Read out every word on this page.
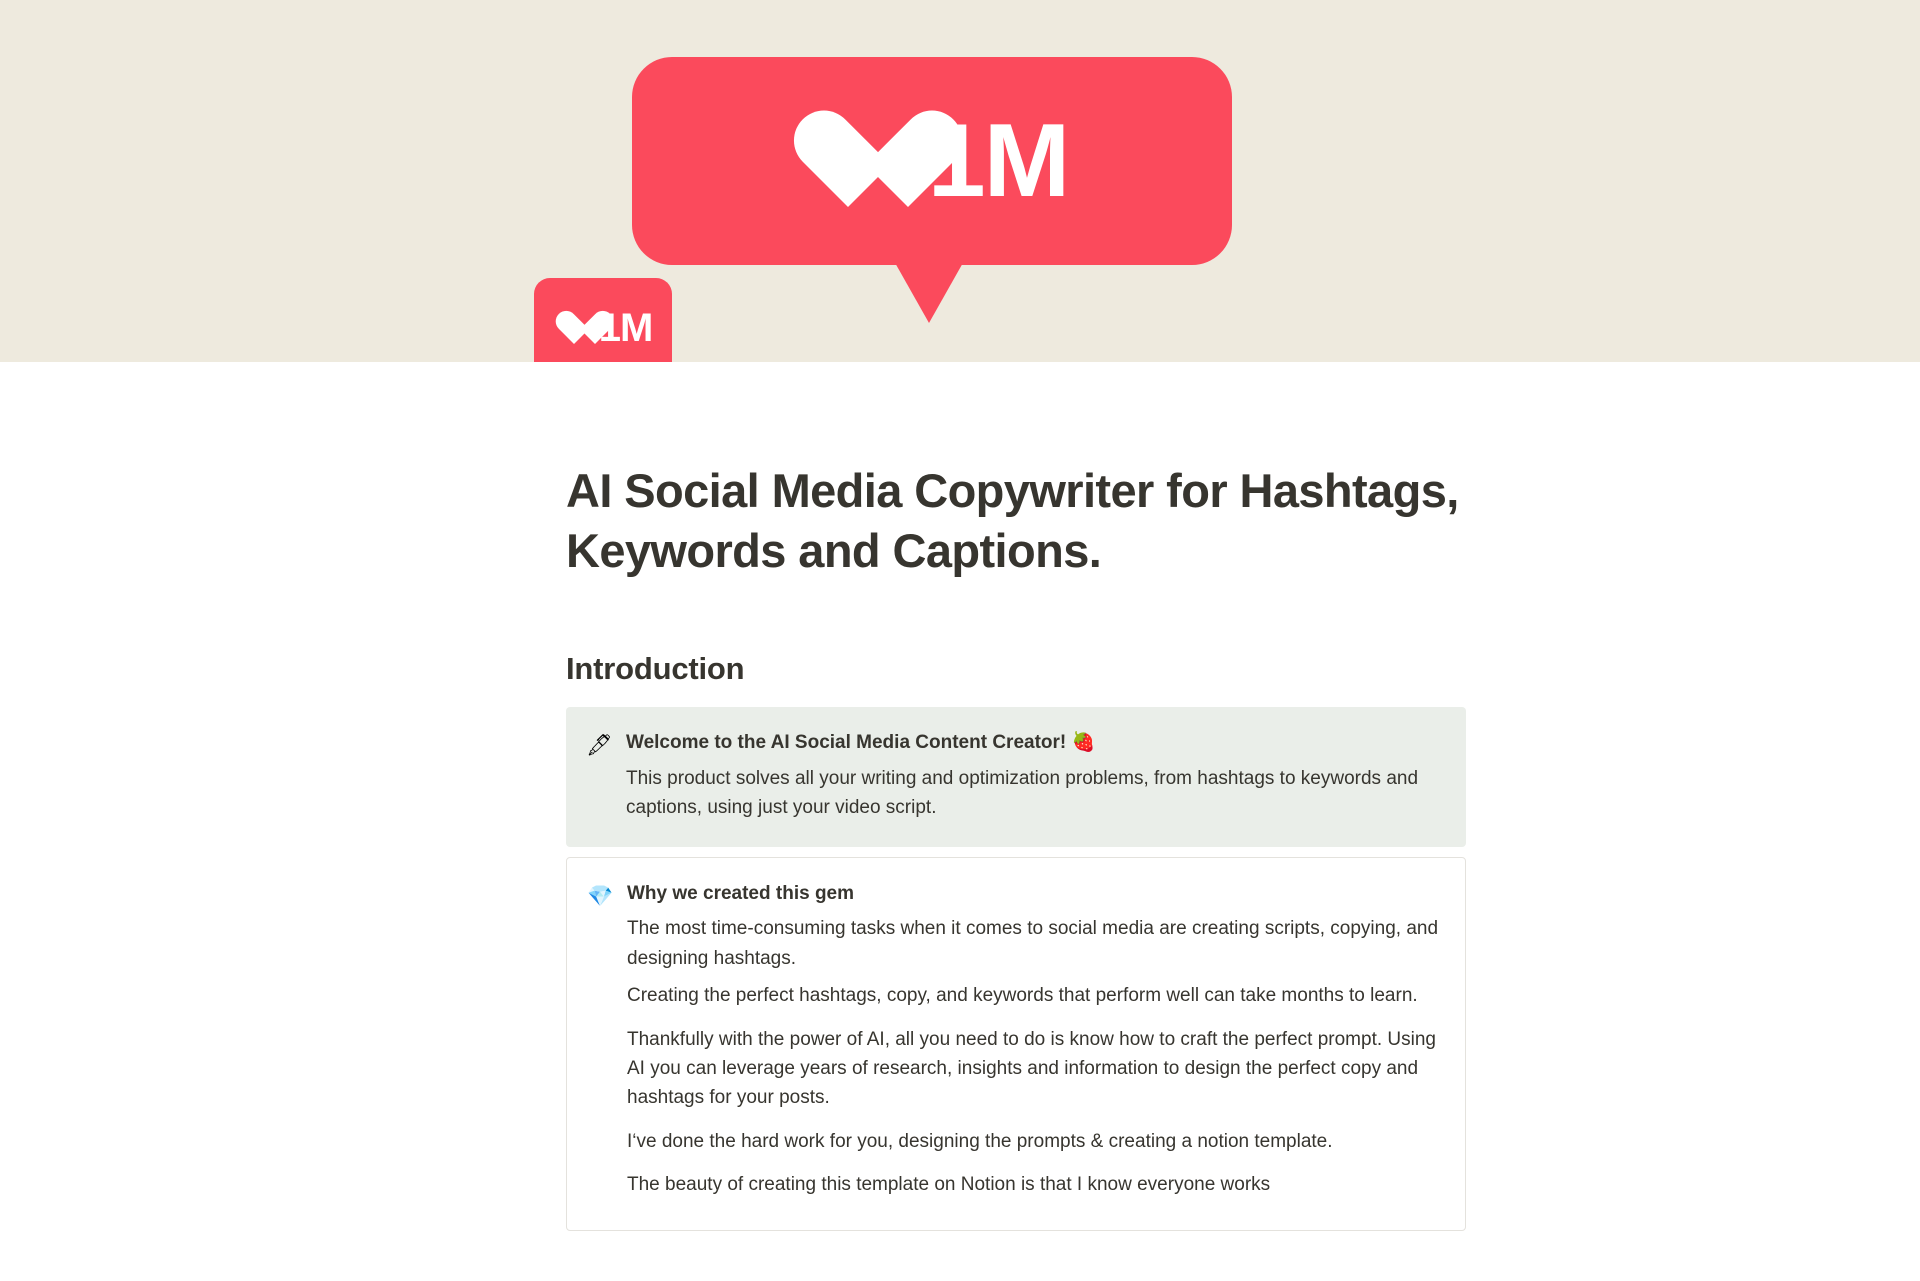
1M
1M
AI Social Media Copywriter for Hashtags, Keywords and Captions.
Introduction
🖋 Welcome to the AI Social Media Content Creator! 🍓

This product solves all your writing and optimization problems, from hashtags to keywords and captions, using just your video script.

💎 Why we created this gem

The most time-consuming tasks when it comes to social media are creating scripts, copying, and designing hashtags.

Creating the perfect hashtags, copy, and keywords that perform well can take months to learn.

Thankfully with the power of AI, all you need to do is know how to craft the perfect prompt. Using AI you can leverage years of research, insights and information to design the perfect copy and hashtags for your posts.

I‘ve done the hard work for you, designing the prompts & creating a notion template.

The beauty of creating this template on Notion is that I know everyone works
